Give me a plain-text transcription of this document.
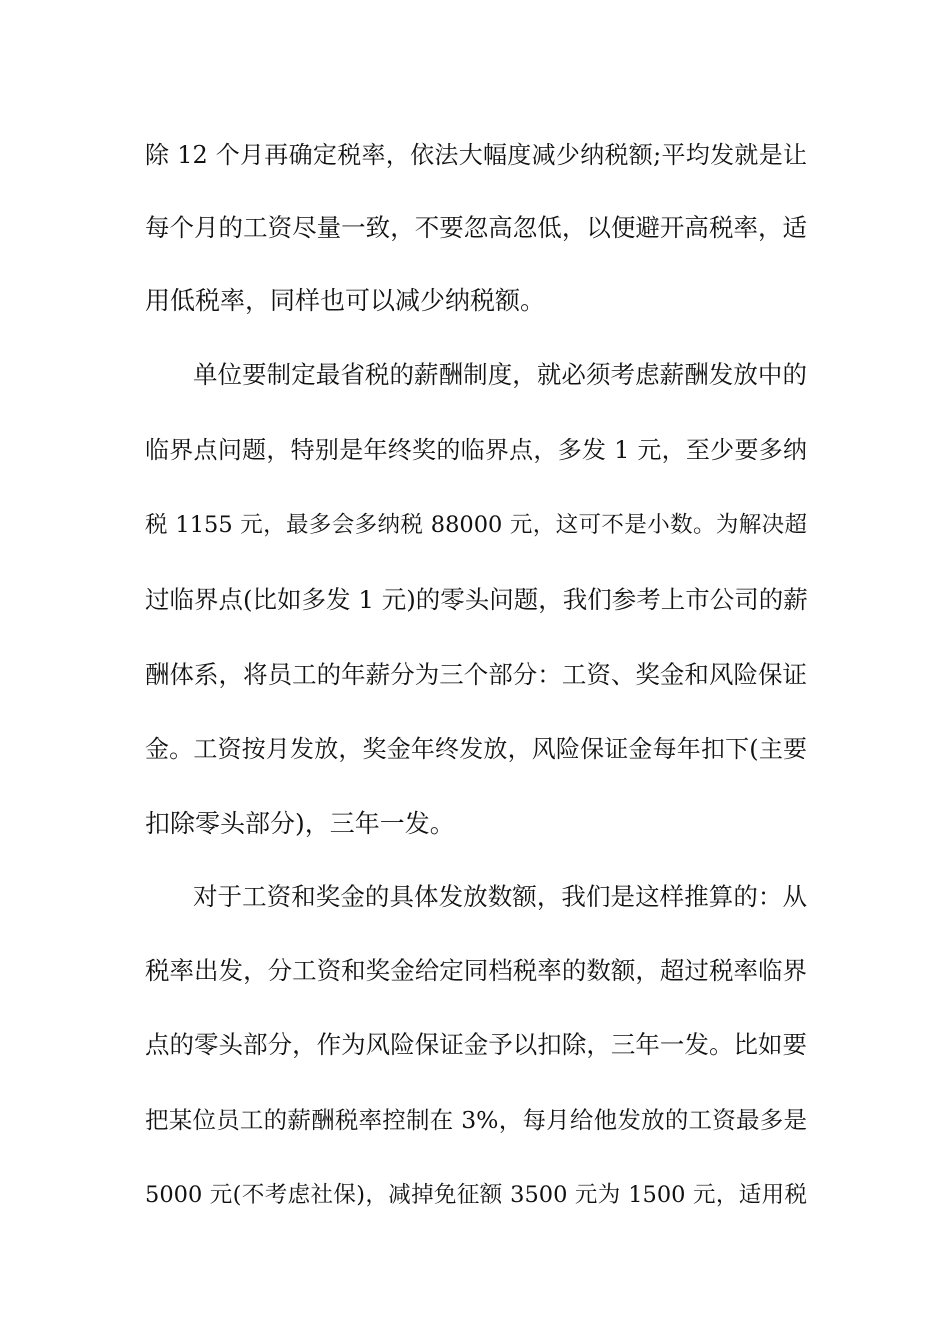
除 12 个月再确定税率，依法大幅度减少纳税额;平均发就是让
每个月的工资尽量一致，不要忽高忽低，以便避开高税率，适
用低税率，同样也可以减少纳税额。
单位要制定最省税的薪酬制度，就必须考虑薪酬发放中的
临界点问题，特别是年终奖的临界点，多发 1 元，至少要多纳
税 1155 元，最多会多纳税 88000 元，这可不是小数。为解决超
过临界点(比如多发 1 元)的零头问题，我们参考上市公司的薪
酬体系，将员工的年薪分为三个部分：工资、奖金和风险保证
金。工资按月发放，奖金年终发放，风险保证金每年扣下(主要
扣除零头部分)，三年一发。
对于工资和奖金的具体发放数额，我们是这样推算的：从
税率出发，分工资和奖金给定同档税率的数额，超过税率临界
点的零头部分，作为风险保证金予以扣除，三年一发。比如要
把某位员工的薪酬税率控制在 3%，每月给他发放的工资最多是
5000 元(不考虑社保)，减掉免征额 3500 元为 1500 元，适用税
